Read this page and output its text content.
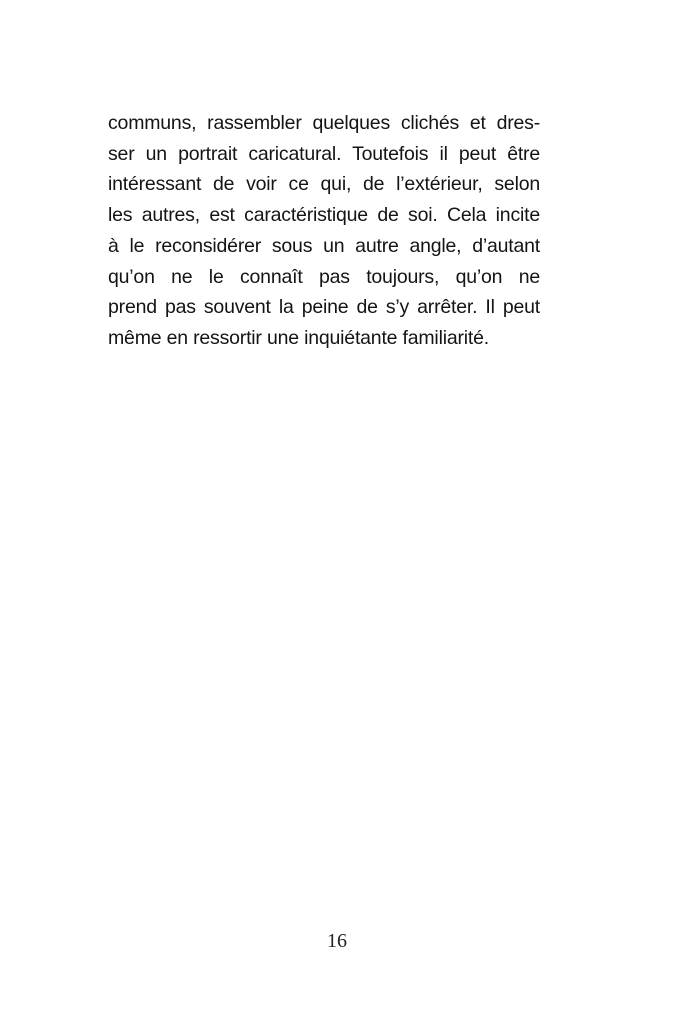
communs, rassembler quelques clichés et dres-
ser un portrait caricatural. Toutefois il peut être
intéressant de voir ce qui, de l’extérieur, selon
les autres, est caractéristique de soi. Cela incite
à le reconsidérer sous un autre angle, d’autant
qu’on ne le connaît pas toujours, qu’on ne
prend pas souvent la peine de s’y arrêter. Il peut
même en ressortir une inquiétante familiarité.
16
